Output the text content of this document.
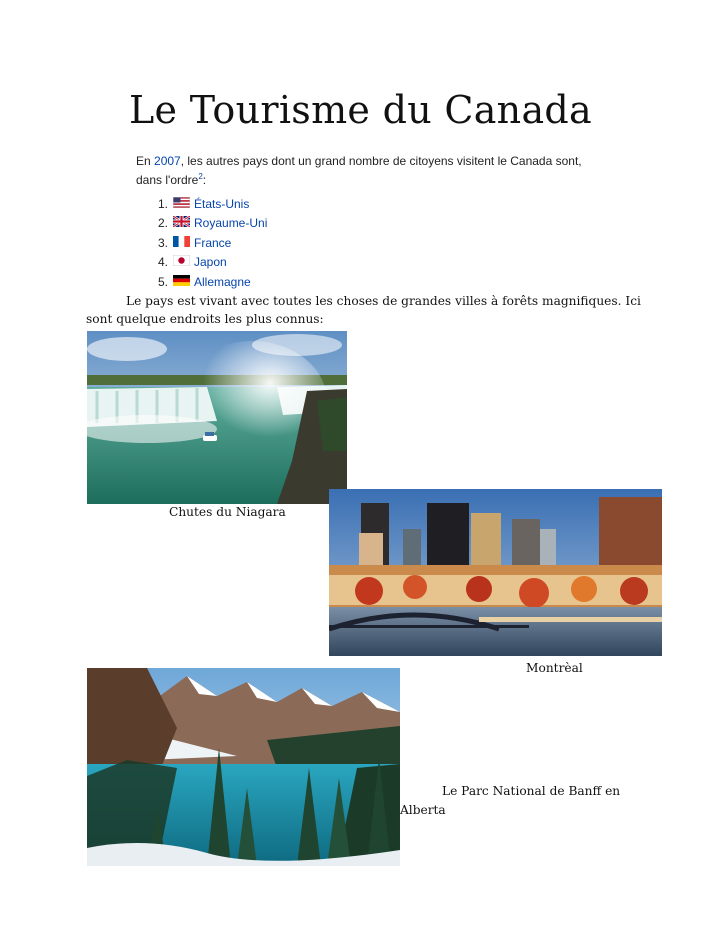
Le Tourisme du Canada
En 2007, les autres pays dont un grand nombre de citoyens visitent le Canada sont, dans l'ordre$^2$:
1.	États-Unis
2.	Royaume-Uni
3.	France
4.	Japon
5.	Allemagne
Le pays est vivant avec toutes les choses de grandes villes à forêts magnifiques. Ici sont quelque endroits les plus connus:
Chutes du Niagara
Montrèal
Le Parc National de Banff en Alberta
